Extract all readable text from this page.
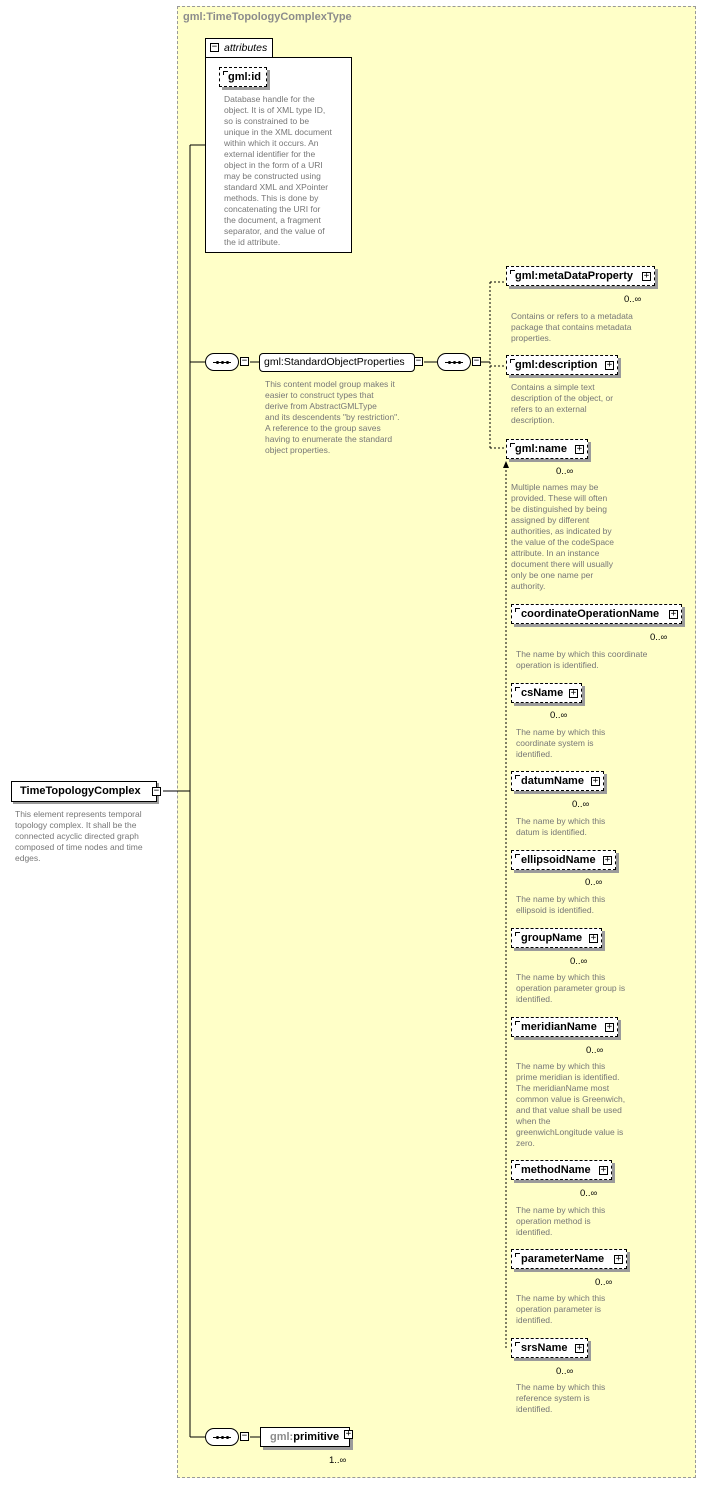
gml:TimeTopologyComplexType
− attributes
gml:id
Database handle for the
object. It is of XML type ID,
so is constrained to be
unique in the XML document
within which it occurs. An
external identifier for the
object in the form of a URI
may be constructed using
standard XML and XPointer
methods. This is done by
concatenating the URI for
the document, a fragment
separator, and the value of
the id attribute.
TimeTopologyComplex −
This element represents temporal
topology complex. It shall be the
connected acyclic directed graph
composed of time nodes and time
edges.
−	gml:StandardObjectProperties	−
This content model group makes it
easier to construct types that
derive from AbstractGMLType
and its descendents "by restriction".
A reference to the group saves
having to enumerate the standard
object properties.
−
gml:metaDataProperty +
0..∞
Contains or refers to a metadata
package that contains metadata
properties.
gml:description +
Contains a simple text
description of the object, or
refers to an external
description.
gml:name +
0..∞
Multiple names may be
provided. These will often
be distinguished by being
assigned by different
authorities, as indicated by
the value of the codeSpace
attribute. In an instance
document there will usually
only be one name per
authority.
coordinateOperationName +
0..∞
The name by which this coordinate
operation is identified.
csName +
0..∞
The name by which this
coordinate system is
identified.
datumName +
0..∞
The name by which this
datum is identified.
ellipsoidName +
0..∞
The name by which this
ellipsoid is identified.
groupName +
0..∞
The name by which this
operation parameter group is
identified.
meridianName +
0..∞
The name by which this
prime meridian is identified.
The meridianName most
common value is Greenwich,
and that value shall be used
when the
greenwichLongitude value is
zero.
methodName +
0..∞
The name by which this
operation method is
identified.
parameterName +
0..∞
The name by which this
operation parameter is
identified.
srsName +
0..∞
The name by which this
reference system is
identified.
−	gml:primitive +
1..∞
